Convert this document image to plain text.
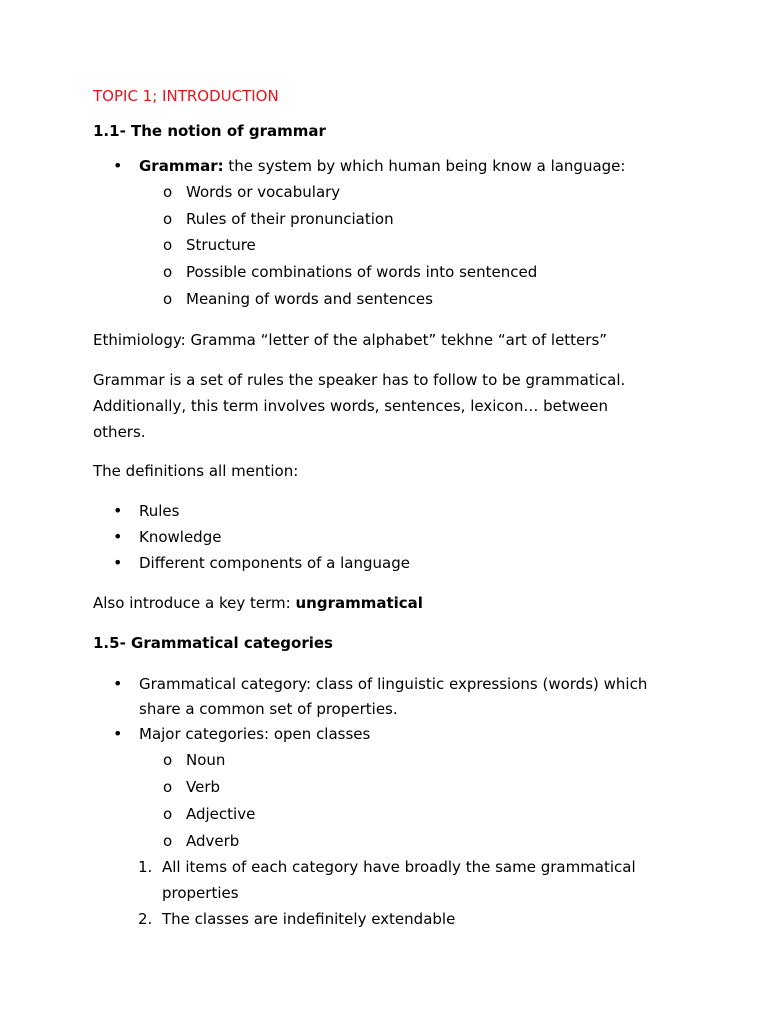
TOPIC 1; INTRODUCTION
1.1- The notion of grammar
• Grammar: the system by which human being know a language:
o Words or vocabulary
o Rules of their pronunciation
o Structure
o Possible combinations of words into sentenced
o Meaning of words and sentences
Ethimiology: Gramma “letter of the alphabet” tekhne “art of letters”
Grammar is a set of rules the speaker has to follow to be grammatical.
Additionally, this term involves words, sentences, lexicon… between
others.
The definitions all mention:
• Rules
• Knowledge
• Different components of a language
Also introduce a key term: ungrammatical
1.5- Grammatical categories
• Grammatical category: class of linguistic expressions (words) which
share a common set of properties.
• Major categories: open classes
o Noun
o Verb
o Adjective
o Adverb
1. All items of each category have broadly the same grammatical
properties
2. The classes are indefinitely extendable
